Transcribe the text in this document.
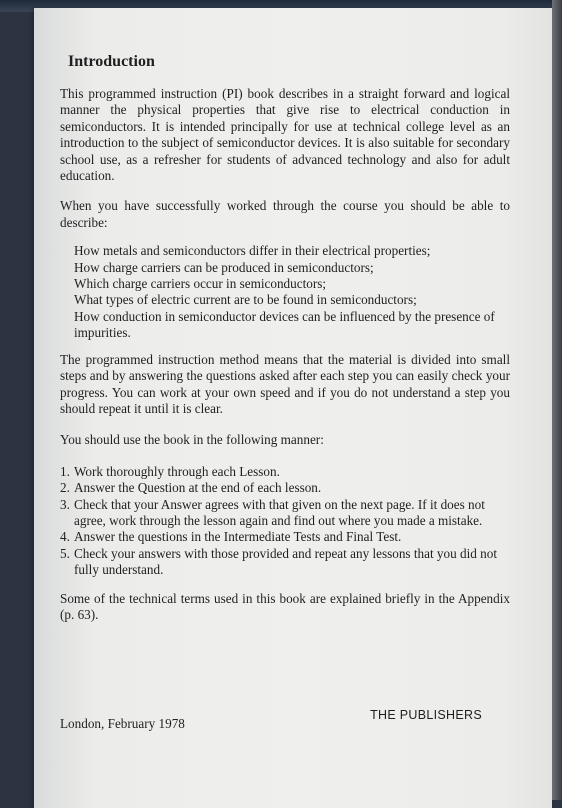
Introduction

This programmed instruction (PI) book describes in a straight forward and logical manner the physical properties that give rise to electrical conduction in semiconductors. It is intended principally for use at technical college level as an introduction to the subject of semiconductor devices. It is also suitable for secondary school use, as a refresher for students of advanced technology and also for adult education.

When you have successfully worked through the course you should be able to describe:

How metals and semiconductors differ in their electrical properties;
How charge carriers can be produced in semiconductors;
Which charge carriers occur in semiconductors;
What types of electric current are to be found in semiconductors;
How conduction in semiconductor devices can be influenced by the presence of impurities.

The programmed instruction method means that the material is divided into small steps and by answering the questions asked after each step you can easily check your progress. You can work at your own speed and if you do not understand a step you should repeat it until it is clear.

You should use the book in the following manner:

1. Work thoroughly through each Lesson.
2. Answer the Question at the end of each lesson.
3. Check that your Answer agrees with that given on the next page. If it does not agree, work through the lesson again and find out where you made a mistake.
4. Answer the questions in the Intermediate Tests and Final Test.
5. Check your answers with those provided and repeat any lessons that you did not fully understand.

Some of the technical terms used in this book are explained briefly in the Appendix (p. 63).

London, February 1978
THE PUBLISHERS
